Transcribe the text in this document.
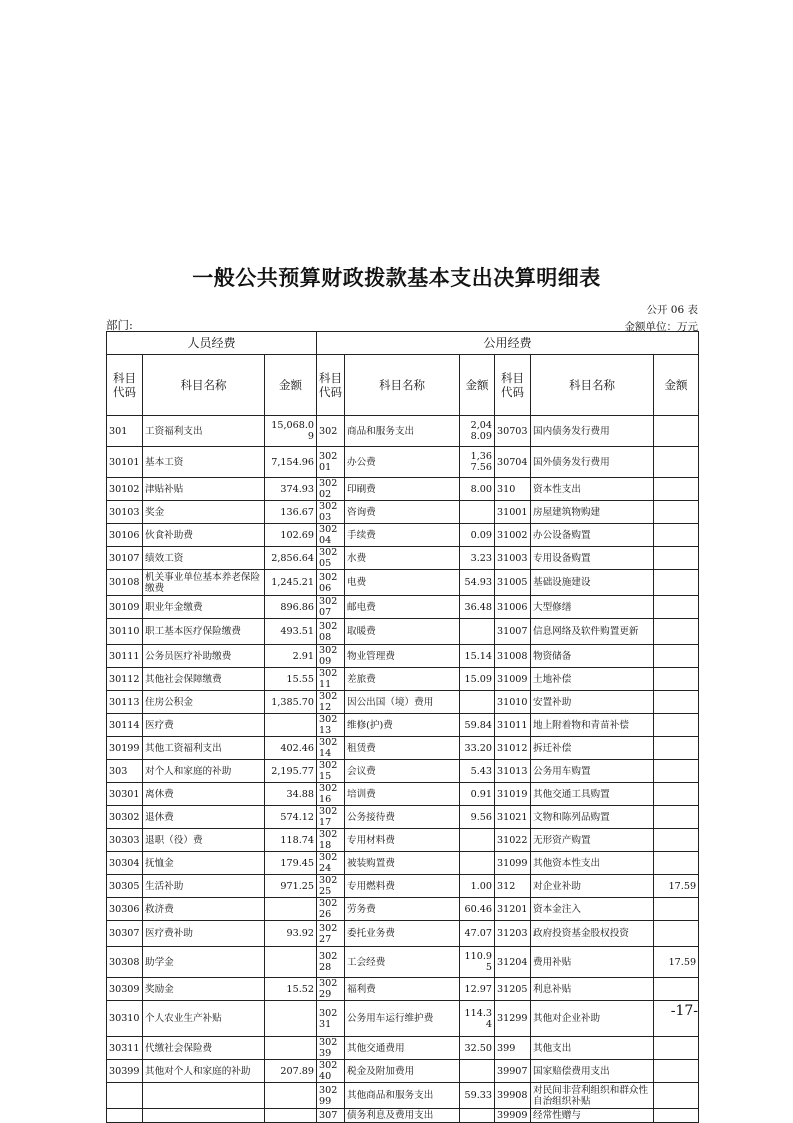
一般公共预算财政拨款基本支出决算明细表
公开 06 表
部门:	金额单位：万元
人员经费			公用经费					
科目代码	科目名称	金额	科目代码	科目名称	金额	科目代码	科目名称	金额
301	工资福利支出	15,068.09	302	商品和服务支出	2,048.09	30703	国内债务发行费用	
30101	基本工资	7,154.96	30201	办公费	1,367.56	30704	国外债务发行费用	
30102	津贴补贴	374.93	30202	印刷费	8.00	310	资本性支出	
30103	奖金	136.67	30203	咨询费		31001	房屋建筑物购建	
30106	伙食补助费	102.69	30204	手续费	0.09	31002	办公设备购置	
30107	绩效工资	2,856.64	30205	水费	3.23	31003	专用设备购置	
30108	机关事业单位基本养老保险缴费	1,245.21	30206	电费	54.93	31005	基础设施建设	
30109	职业年金缴费	896.86	30207	邮电费	36.48	31006	大型修缮	
30110	职工基本医疗保险缴费	493.51	30208	取暖费		31007	信息网络及软件购置更新	
30111	公务员医疗补助缴费	2.91	30209	物业管理费	15.14	31008	物资储备	
30112	其他社会保障缴费	15.55	30211	差旅费	15.09	31009	土地补偿	
30113	住房公积金	1,385.70	30212	因公出国（境）费用		31010	安置补助	
30114	医疗费		30213	维修(护)费	59.84	31011	地上附着物和青苗补偿	
30199	其他工资福利支出	402.46	30214	租赁费	33.20	31012	拆迁补偿	
303	对个人和家庭的补助	2,195.77	30215	会议费	5.43	31013	公务用车购置	
30301	离休费	34.88	30216	培训费	0.91	31019	其他交通工具购置	
30302	退休费	574.12	30217	公务接待费	9.56	31021	文物和陈列品购置	
30303	退职（役）费	118.74	30218	专用材料费		31022	无形资产购置	
30304	抚恤金	179.45	30224	被装购置费		31099	其他资本性支出	
30305	生活补助	971.25	30225	专用燃料费	1.00	312	对企业补助	17.59
30306	救济费		30226	劳务费	60.46	31201	资本金注入	
30307	医疗费补助	93.92	30227	委托业务费	47.07	31203	政府投资基金股权投资	
30308	助学金		30228	工会经费	110.95	31204	费用补贴	17.59
30309	奖励金	15.52	30229	福利费	12.97	31205	利息补贴	
30310	个人农业生产补贴		30231	公务用车运行维护费	114.34	31299	其他对企业补助	
30311	代缴社会保险费		30239	其他交通费用	32.50	399	其他支出	
30399	其他对个人和家庭的补助	207.89	30240	税金及附加费用		39907	国家赔偿费用支出	
			30299	其他商品和服务支出	59.33	39908	对民间非营利组织和群众性自治组织补贴	
			307	债务利息及费用支出		39909	经常性赠与	
-17-
